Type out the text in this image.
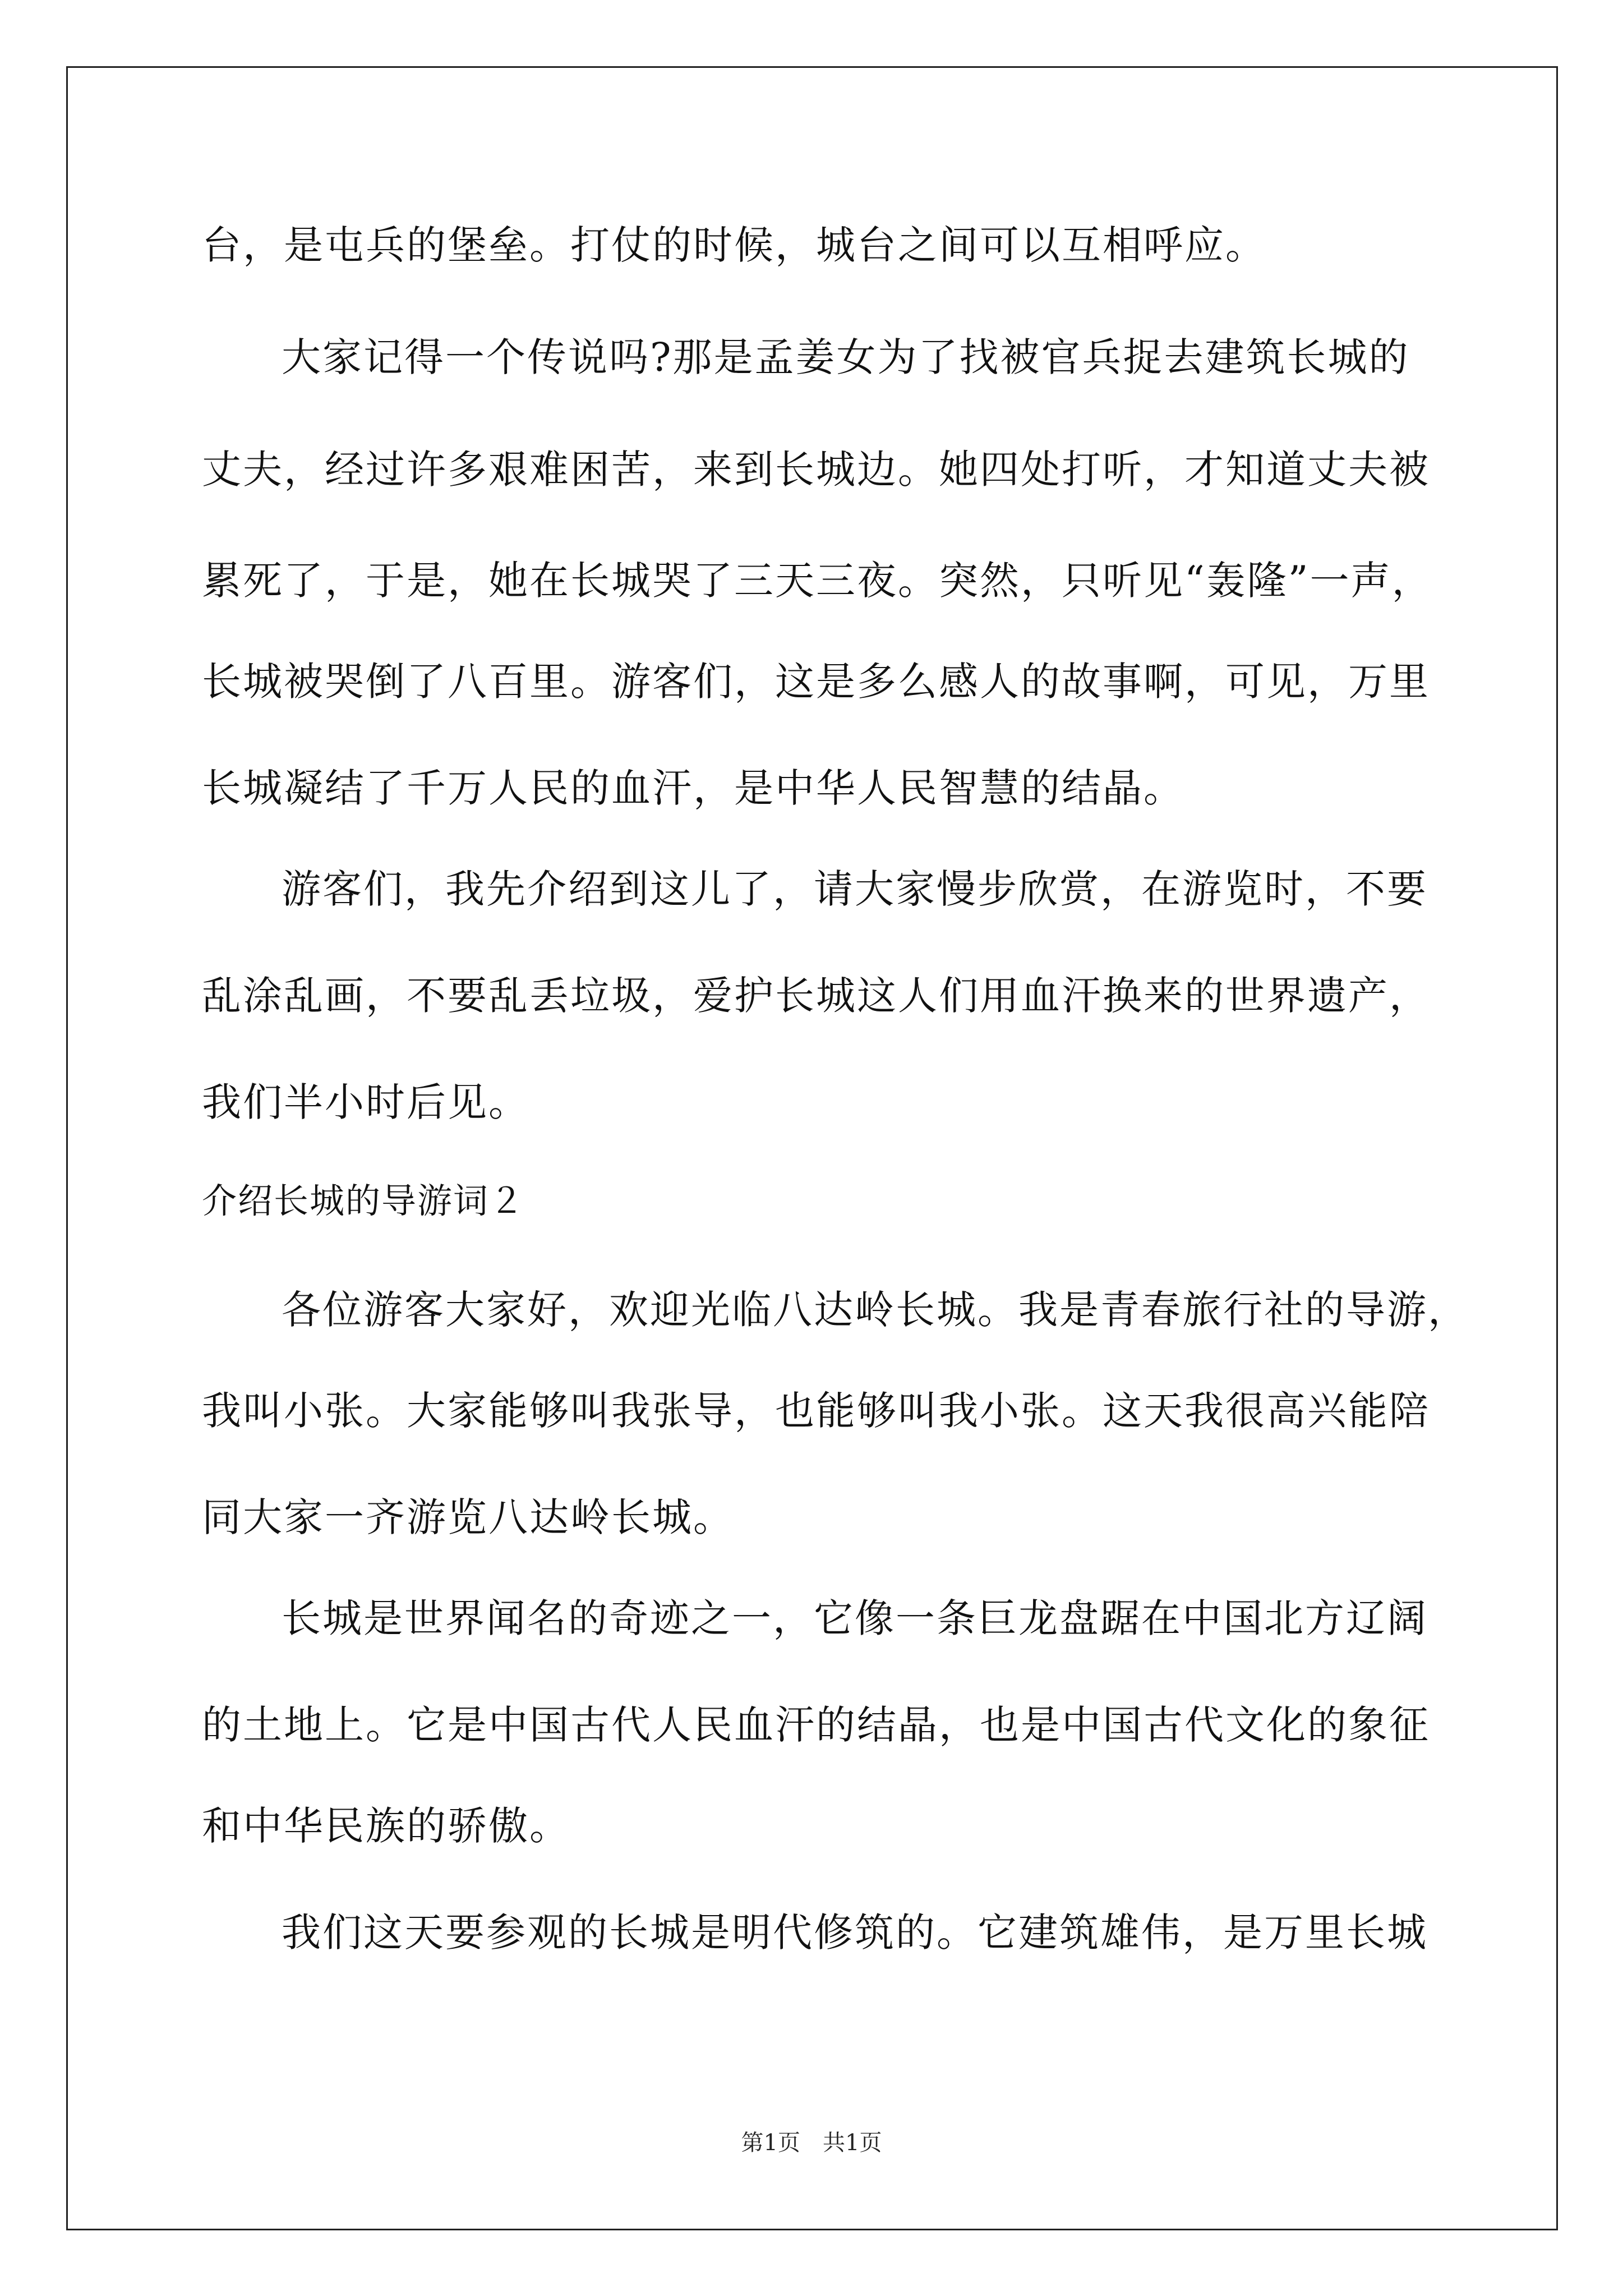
台，是屯兵的堡垒。打仗的时候，城台之间可以互相呼应。
大家记得一个传说吗?那是孟姜女为了找被官兵捉去建筑长城的
丈夫，经过许多艰难困苦，来到长城边。她四处打听，才知道丈夫被
累死了，于是，她在长城哭了三天三夜。突然，只听见“轰隆”一声，
长城被哭倒了八百里。游客们，这是多么感人的故事啊，可见，万里
长城凝结了千万人民的血汗，是中华人民智慧的结晶。
游客们，我先介绍到这儿了，请大家慢步欣赏，在游览时，不要
乱涂乱画，不要乱丢垃圾，爱护长城这人们用血汗换来的世界遗产，
我们半小时后见。
介绍长城的导游词２
各位游客大家好，欢迎光临八达岭长城。我是青春旅行社的导游，
我叫小张。大家能够叫我张导，也能够叫我小张。这天我很高兴能陪
同大家一齐游览八达岭长城。
长城是世界闻名的奇迹之一，它像一条巨龙盘踞在中国北方辽阔
的土地上。它是中国古代人民血汗的结晶，也是中国古代文化的象征
和中华民族的骄傲。
我们这天要参观的长城是明代修筑的。它建筑雄伟，是万里长城
第1页　共1页
